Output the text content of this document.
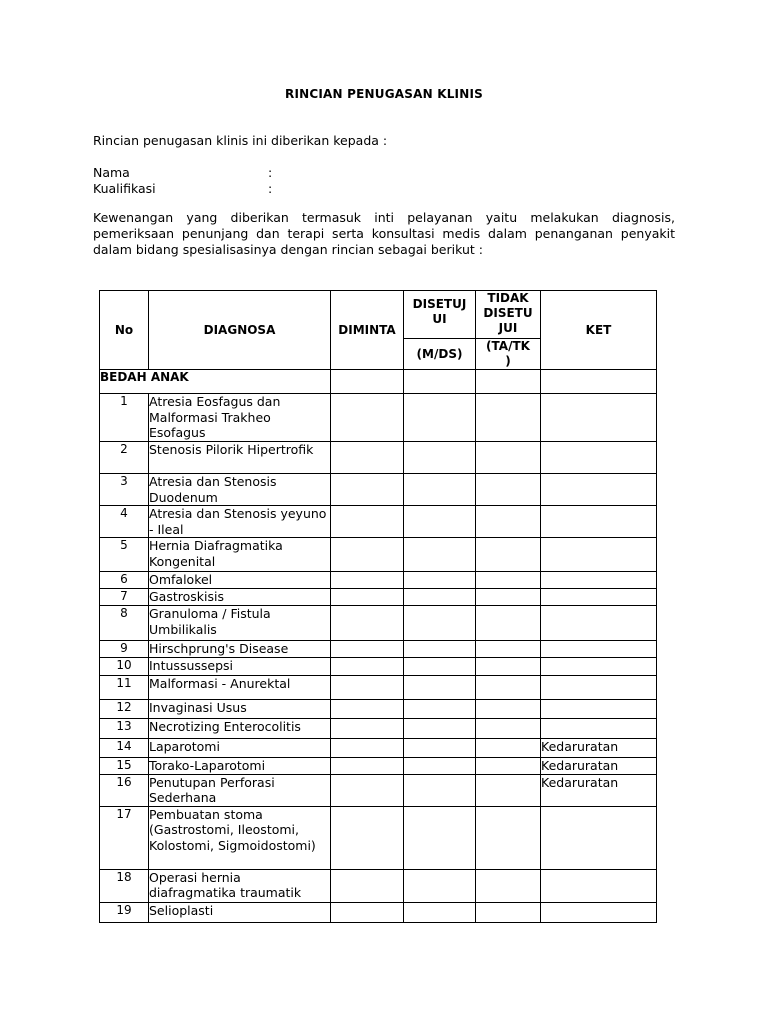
RINCIAN PENUGASAN KLINIS
Rincian penugasan klinis ini diberikan kepada :
Nama	:
Kualifikasi	:
Kewenangan yang diberikan termasuk inti pelayanan yaitu melakukan diagnosis, pemeriksaan penunjang dan terapi serta konsultasi medis dalam penanganan penyakit dalam bidang spesialisasinya dengan rincian sebagai berikut :
No	DIAGNOSA	DIMINTA	DISETUJ UI	TIDAK DISETU JUI	KET
			(M/DS)	(TA/TK )	

BEDAH ANAK					
1	Atresia Eosfagus dan Malformasi Trakheo Esofagus				
2	Stenosis Pilorik Hipertrofik				
3	Atresia dan Stenosis Duodenum				
4	Atresia dan Stenosis yeyuno - Ileal				
5	Hernia Diafragmatika Kongenital				
6	Omfalokel				
7	Gastroskisis				
8	Granuloma / Fistula Umbilikalis				
9	Hirschprung's Disease				
10	Intussussepsi				
11	Malformasi - Anurektal				
12	Invaginasi Usus				
13	Necrotizing Enterocolitis				
14	Laparotomi				Kedaruratan
15	Torako-Laparotomi				Kedaruratan
16	Penutupan Perforasi Sederhana				Kedaruratan
17	Pembuatan stoma (Gastrostomi, Ileostomi, Kolostomi, Sigmoidostomi)				
18	Operasi hernia diafragmatika traumatik				
19	Selioplasti				
